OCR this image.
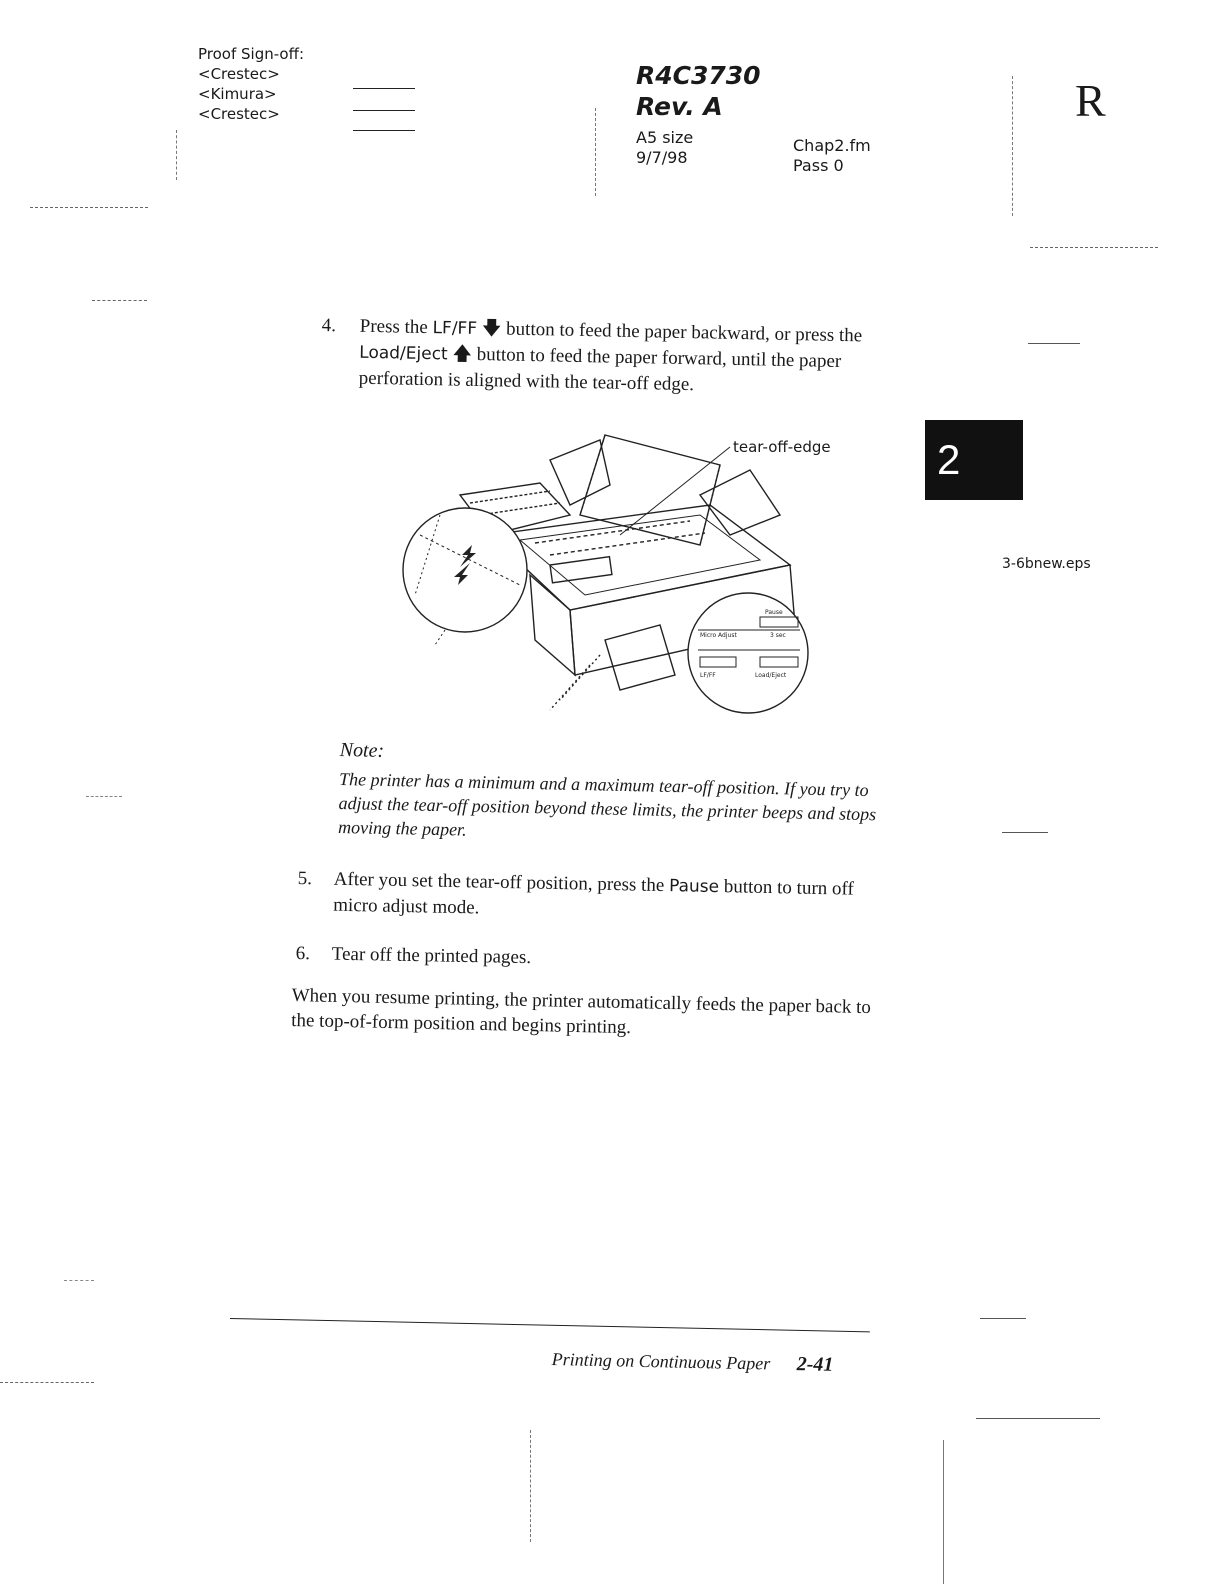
Proof Sign-off:
<Crestec>
<Kimura>
<Crestec>
R4C3730
Rev. A
A5 size
9/7/98
Chap2.fm
Pass 0
R
2
3-6bnew.eps
4. Press the LF/FF 🡇 button to feed the paper backward, or press the Load/Eject 🡅 button to feed the paper forward, until the paper perforation is aligned with the tear-off edge.
Pause
Micro Adjust	3 sec
LF/FF	Load/Eject
tear-off-edge
Note:
The printer has a minimum and a maximum tear-off position. If you try to adjust the tear-off position beyond these limits, the printer beeps and stops moving the paper.
5. After you set the tear-off position, press the Pause button to turn off micro adjust mode.
6. Tear off the printed pages.
When you resume printing, the printer automatically feeds the paper back to the top-of-form position and begins printing.
Printing on Continuous Paper 2-41
